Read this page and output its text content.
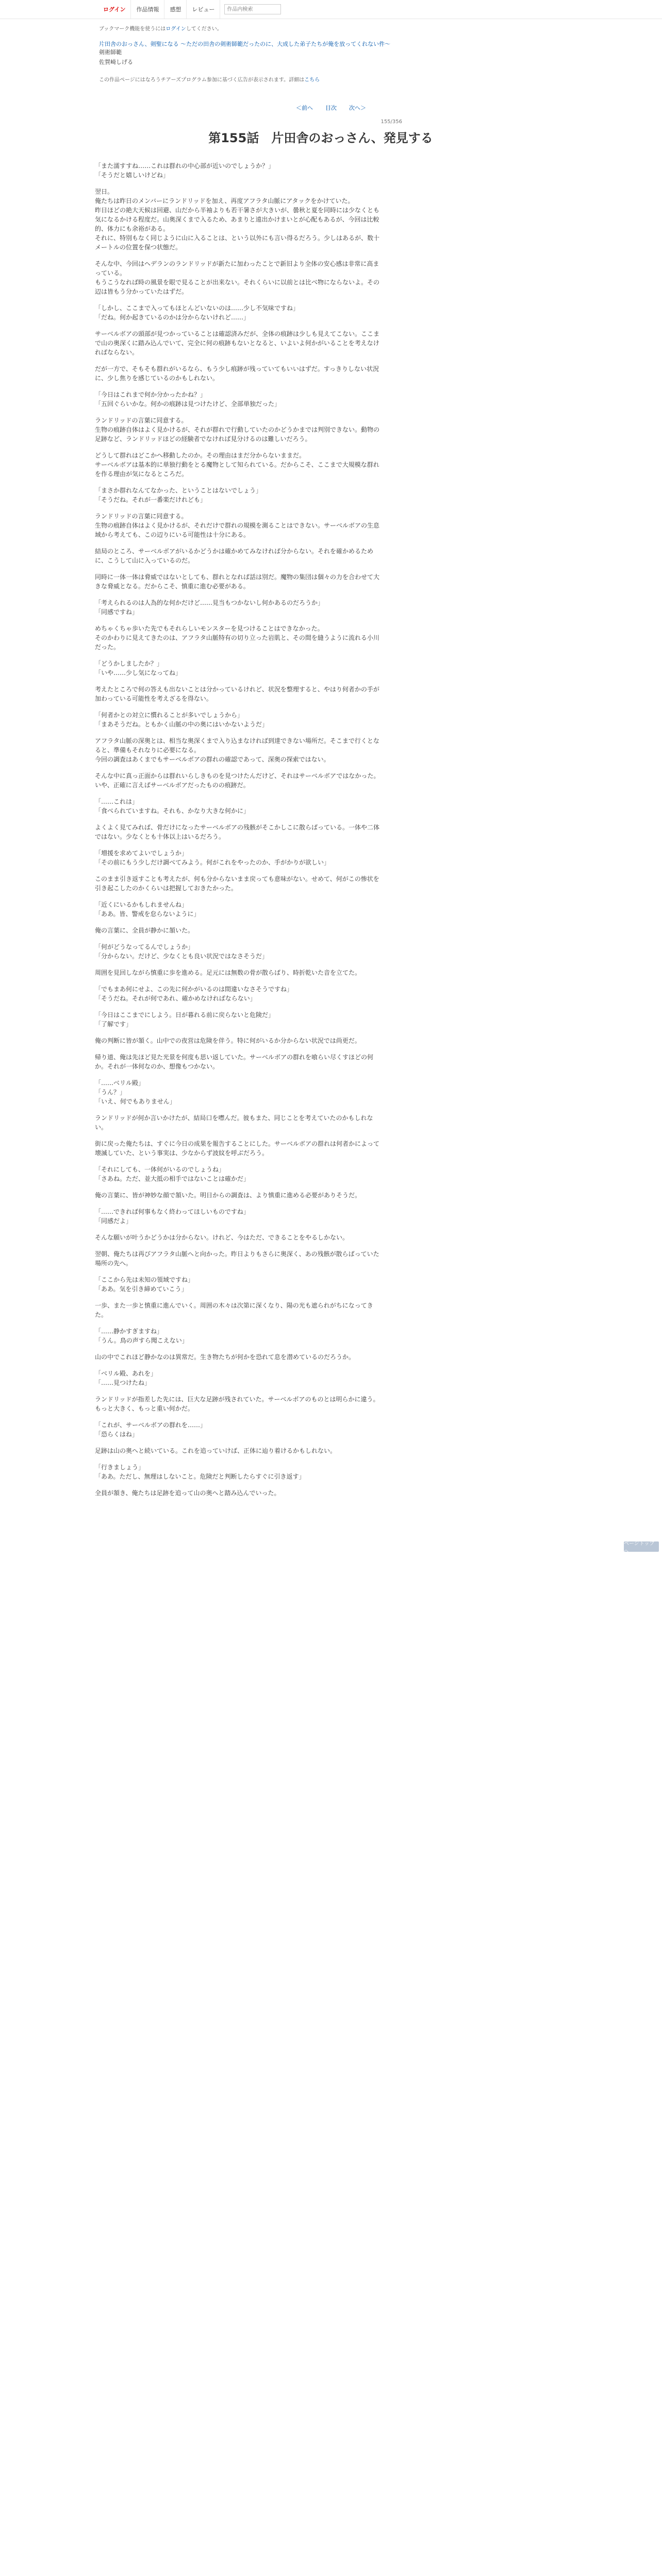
ログイン	作品情報	感想	レビュー
作品内検索
ブックマーク機能を使うにはログインしてください。
片田舎のおっさん、剣聖になる ～ただの田舎の剣術師範だったのに、大成した弟子たちが俺を放ってくれない件～
剣術師範
佐賀崎しげる
この作品ページにはなろうチアーズプログラム参加に基づく広告が表示されます。詳細はこちら
＜前へ 目次 次へ＞
155/356
第155話　片田舎のおっさん、発見する

「また濡すすね……これは群れの中心部が近いのでしょうか？」
「そうだと嬉しいけどね」

翌日。
俺たちは昨日のメンバーにランドリッドを加え、再度アフラタ山脈にアタックをかけていた。
昨日ほどの絶大天候は回避、山だから半袖よりも若干暑さが大きいが、曇秋と夏を同時には少なくとも気になるかける程度だ。山奥深くまで入るため、あまりと遠出かけまいとが心配もあるが、今回は比較的、体力にも余裕がある。
それに、特別もなく同じように山に入ることは、という以外にも言い得るだろう。少しはあるが、数十メートルの位置を保つ状態だ。

そんな中、今回はヘデランのランドリッドが新たに加わったことで新旧より全体の安心感は非常に高まっている。
もうこうなれば時の風景を眼で見ることが出来ない。それくらいに以前とは比べ物にならないよ。その辺は皆もう分かっていたはずだ。

「しかし、ここまで入ってもほとんどいないのは……少し不気味ですね」
「だね。何か起きているのかは分からないけれど……」

サーベルボアの頭部が見つかっていることは確認済みだが、全体の痕跡は少しも見えてこない。ここまで山の奥深くに踏み込んでいて、完全に何の痕跡もないとなると、いよいよ何かがいることを考えなければならない。

だが一方で、そもそも群れがいるなら、もう少し痕跡が残っていてもいいはずだ。すっきりしない状況に、少し焦りを感じているのかもしれない。

「今日はこれまで何か分かったかね？」
「五回ぐらいかな。何かの痕跡は見つけたけど、全部単独だった」

ランドリッドの言葉に同意する。
生物の痕跡自体はよく見かけるが、それが群れで行動していたのかどうかまでは判別できない。動物の足跡など、ランドリッドほどの経験者でなければ見分けるのは難しいだろう。

どうして群れはどこかへ移動したのか。その理由はまだ分からないままだ。
サーベルボアは基本的に単独行動をとる魔物として知られている。だからこそ、ここまで大規模な群れを作る理由が気になるところだ。

「まさか群れなんてなかった、ということはないでしょう」
「そうだね。それが一番楽だけれども」

ランドリッドの言葉に同意する。
生物の痕跡自体はよく見かけるが、それだけで群れの規模を測ることはできない。サーベルボアの生息域から考えても、この辺りにいる可能性は十分にある。

結局のところ、サーベルボアがいるかどうかは確かめてみなければ分からない。それを確かめるために、こうして山に入っているのだ。

同時に一体一体は脅威ではないとしても、群れとなれば話は別だ。魔物の集団は個々の力を合わせて大きな脅威となる。だからこそ、慎重に進む必要がある。

「考えられるのは人為的な何かだけど……見当もつかないし何かあるのだろうか」
「同感ですね」

めちゃくちゃ歩いた先でもそれらしいモンスターを見つけることはできなかった。
そのかわりに見えてきたのは、アフラタ山脈特有の切り立った岩肌と、その間を縫うように流れる小川だった。

「どうかしましたか？」
「いや……少し気になってね」

考えたところで何の答えも出ないことは分かっているけれど、状況を整理すると、やはり何者かの手が加わっている可能性を考えざるを得ない。

「何者かとの対立に慣れることが多いでしょうから」
「まあそうだね。ともかく山脈の中の奥にはいかないようだ」

アフラタ山脈の深奥とは、相当な奥深くまで入り込まなければ到達できない場所だ。そこまで行くとなると、準備もそれなりに必要になる。
今回の調査はあくまでもサーベルボアの群れの確認であって、深奥の探索ではない。

そんな中に真っ正面からは群れいらしきものを見つけたんだけど、それはサーベルボアではなかった。いや、正確に言えばサーベルボアだったものの痕跡だ。

「……これは」
「食べられていますね。それも、かなり大きな何かに」

よくよく見てみれば、骨だけになったサーベルボアの残骸がそこかしこに散らばっている。一体や二体ではない。少なくとも十体以上はいるだろう。

「増援を求めてよいでしょうか」
「その前にもう少しだけ調べてみよう。何がこれをやったのか、手がかりが欲しい」

このまま引き返すことも考えたが、何も分からないまま戻っても意味がない。せめて、何がこの惨状を引き起こしたのかくらいは把握しておきたかった。

「近くにいるかもしれませんね」
「ああ。皆、警戒を怠らないように」

俺の言葉に、全員が静かに頷いた。

「何がどうなってるんでしょうか」
「分からない。だけど、少なくとも良い状況ではなさそうだ」

周囲を見回しながら慎重に歩を進める。足元には無数の骨が散らばり、時折乾いた音を立てた。

「でもまあ何にせよ、この先に何かがいるのは間違いなさそうですね」
「そうだね。それが何であれ、確かめなければならない」

「今日はここまでにしよう。日が暮れる前に戻らないと危険だ」
「了解です」

俺の判断に皆が頷く。山中での夜営は危険を伴う。特に何がいるか分からない状況では尚更だ。

帰り道、俺は先ほど見た光景を何度も思い返していた。サーベルボアの群れを喰らい尽くすほどの何か。それが一体何なのか、想像もつかない。

「……ベリル殿」
「うん？」
「いえ、何でもありません」

ランドリッドが何か言いかけたが、結局口を噤んだ。彼もまた、同じことを考えていたのかもしれない。

街に戻った俺たちは、すぐに今日の成果を報告することにした。サーベルボアの群れは何者かによって壊滅していた、という事実は、少なからず波紋を呼ぶだろう。

「それにしても、一体何がいるのでしょうね」
「さあね。ただ、並大抵の相手ではないことは確かだ」

俺の言葉に、皆が神妙な顔で頷いた。明日からの調査は、より慎重に進める必要がありそうだ。

「……できれば何事もなく終わってほしいものですね」
「同感だよ」

そんな願いが叶うかどうかは分からない。けれど、今はただ、できることをやるしかない。

翌朝、俺たちは再びアフラタ山脈へと向かった。昨日よりもさらに奥深く、あの残骸が散らばっていた場所の先へ。

「ここから先は未知の領域ですね」
「ああ。気を引き締めていこう」

一歩、また一歩と慎重に進んでいく。周囲の木々は次第に深くなり、陽の光も遮られがちになってきた。

「……静かすぎますね」
「うん。鳥の声すら聞こえない」

山の中でこれほど静かなのは異常だ。生き物たちが何かを恐れて息を潜めているのだろうか。

「ベリル殿、あれを」
「……見つけたね」

ランドリッドが指差した先には、巨大な足跡が残されていた。サーベルボアのものとは明らかに違う。もっと大きく、もっと重い何かだ。

「これが、サーベルボアの群れを……」
「恐らくはね」

足跡は山の奥へと続いている。これを追っていけば、正体に辿り着けるかもしれない。

「行きましょう」
「ああ。ただし、無理はしないこと。危険だと判断したらすぐに引き返す」

全員が頷き、俺たちは足跡を追って山の奥へと踏み込んでいった。

ページトップへ
